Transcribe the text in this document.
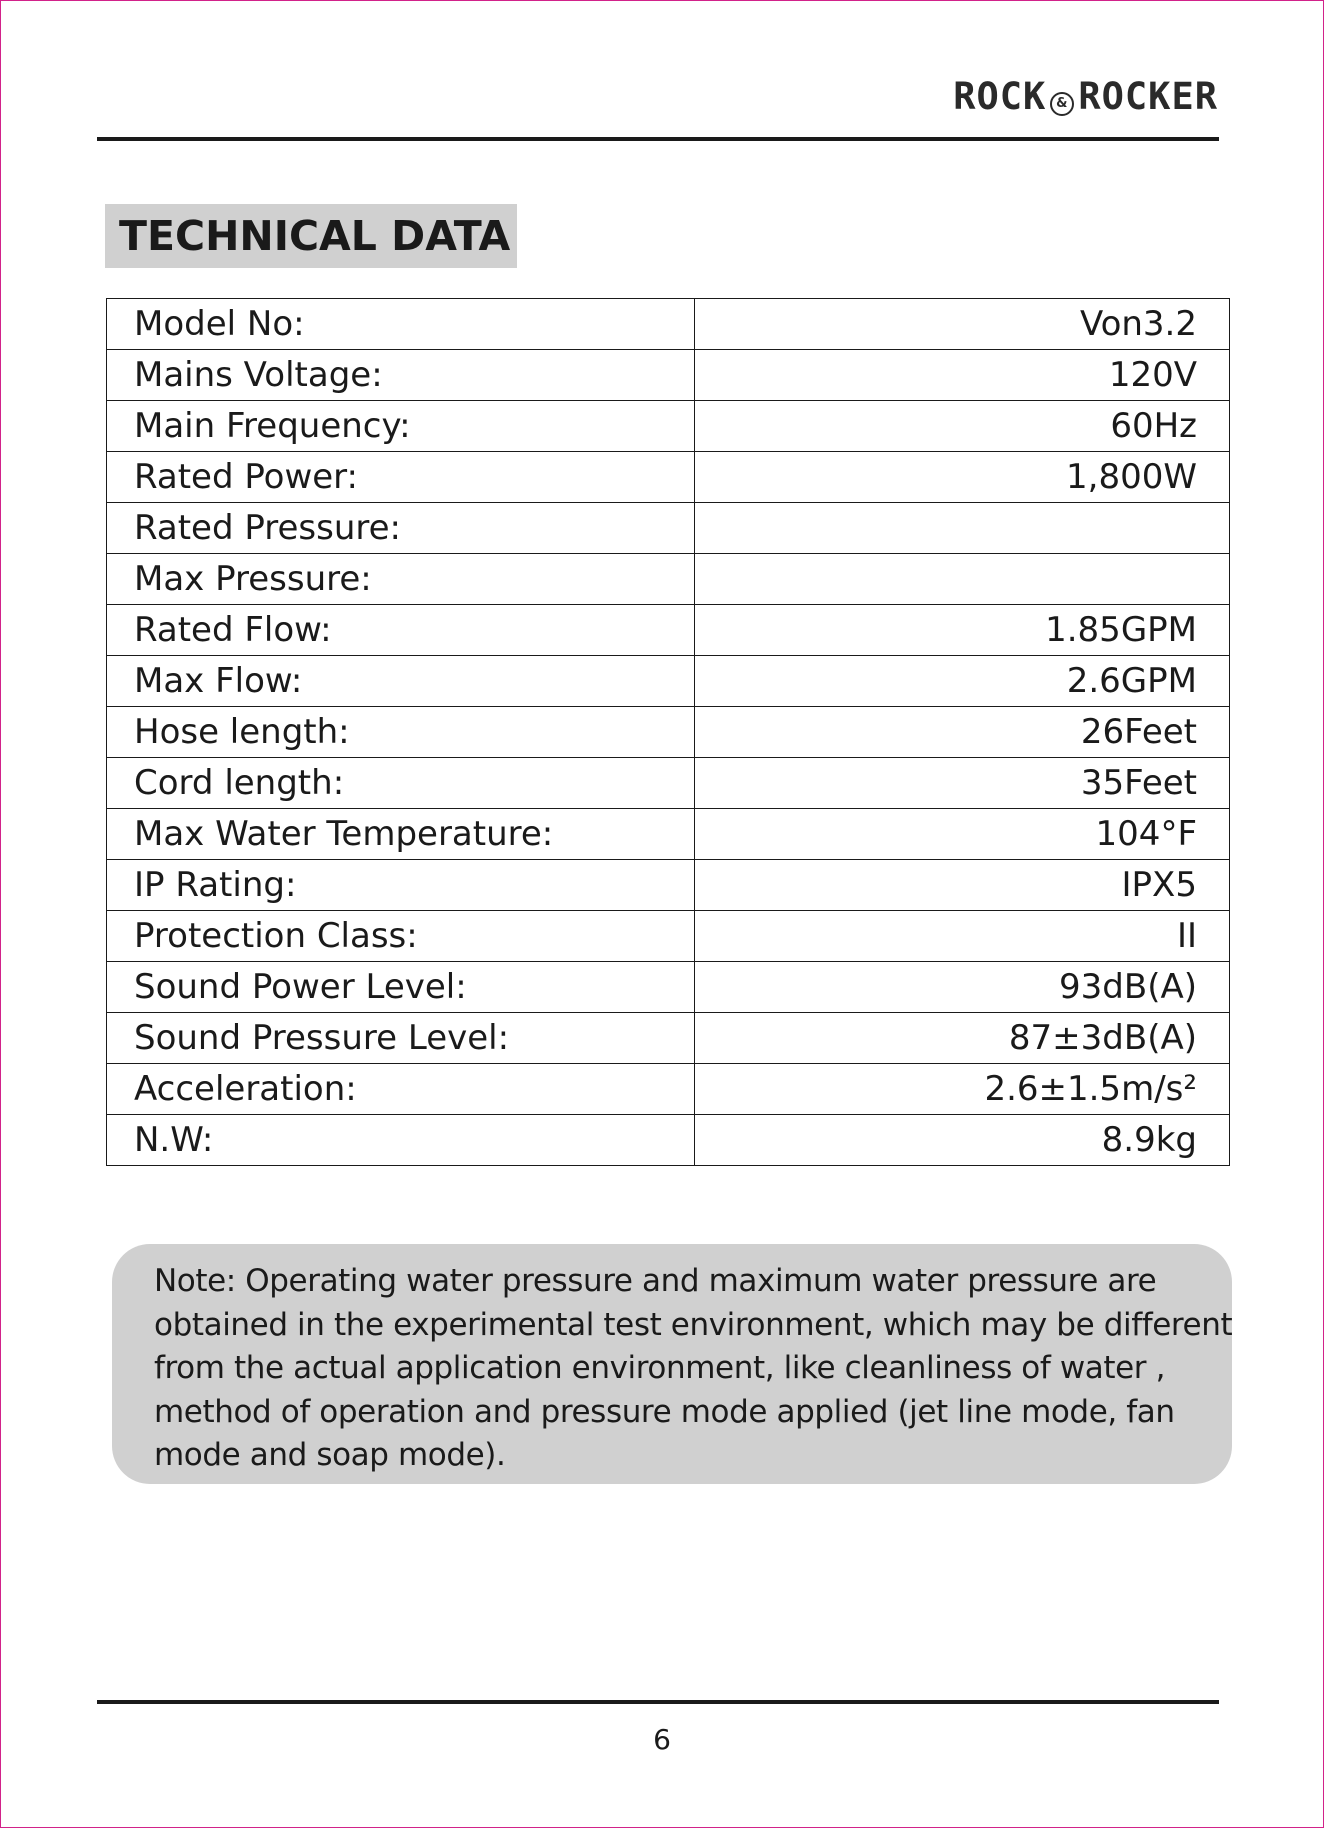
ROCK & ROCKER
TECHNICAL DATA
Model No:	Von3.2
Mains Voltage:	120V
Main Frequency:	60Hz
Rated Power:	1,800W
Rated Pressure:	
Max Pressure:	
Rated Flow:	1.85GPM
Max Flow:	2.6GPM
Hose length:	26Feet
Cord length:	35Feet
Max Water Temperature:	104°F
IP Rating:	IPX5
Protection Class:	II
Sound Power Level:	93dB(A)
Sound Pressure Level:	87±3dB(A)
Acceleration:	2.6±1.5m/s²
N.W:	8.9kg
Note: Operating water pressure and maximum water pressure are
obtained in the experimental test environment, which may be different
from the actual application environment, like cleanliness of water ,
method of operation and pressure mode applied (jet line mode, fan
mode and soap mode).
6
